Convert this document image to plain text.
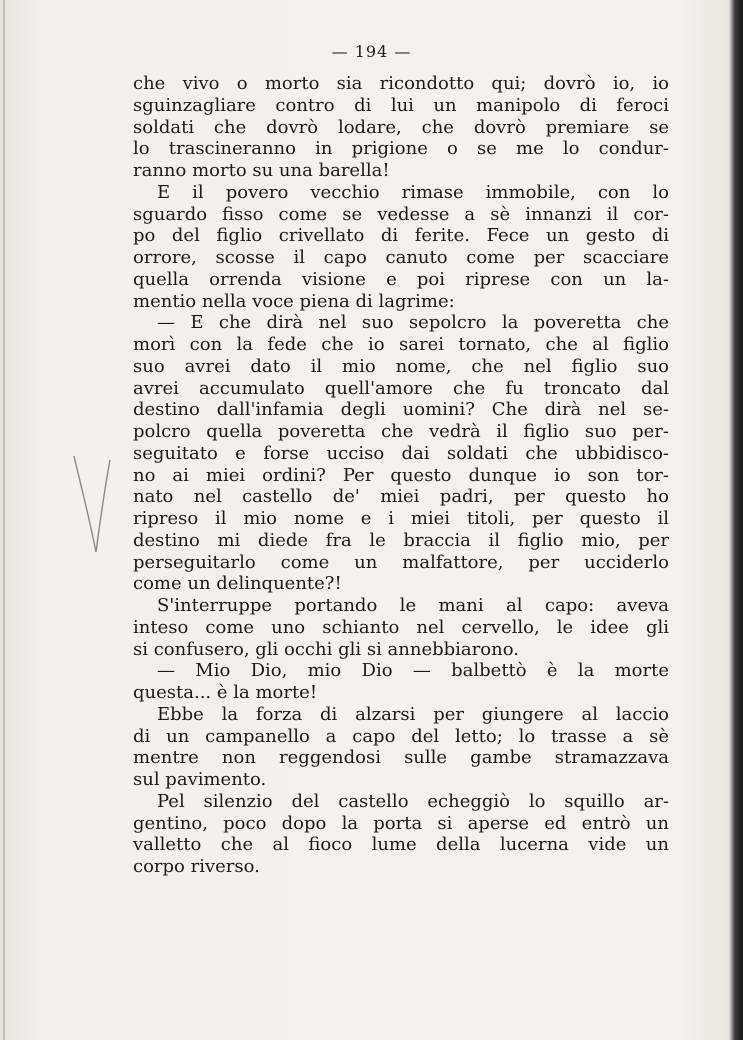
— 194 —
che vivo o morto sia ricondotto qui; dovrò io, io
sguinzagliare contro di lui un manipolo di feroci
soldati che dovrò lodare, che dovrò premiare se
lo trascineranno in prigione o se me lo condur-
ranno morto su una barella!
E il povero vecchio rimase immobile, con lo
sguardo fisso come se vedesse a sè innanzi il cor-
po del figlio crivellato di ferite. Fece un gesto di
orrore, scosse il capo canuto come per scacciare
quella orrenda visione e poi riprese con un la-
mentio nella voce piena di lagrime:
— E che dirà nel suo sepolcro la poveretta che
morì con la fede che io sarei tornato, che al figlio
suo avrei dato il mio nome, che nel figlio suo
avrei accumulato quell'amore che fu troncato dal
destino dall'infamia degli uomini? Che dirà nel se-
polcro quella poveretta che vedrà il figlio suo per-
seguitato e forse ucciso dai soldati che ubbidisco-
no ai miei ordini? Per questo dunque io son tor-
nato nel castello de' miei padri, per questo ho
ripreso il mio nome e i miei titoli, per questo il
destino mi diede fra le braccia il figlio mio, per
perseguitarlo come un malfattore, per ucciderlo
come un delinquente?!
S'interruppe portando le mani al capo: aveva
inteso come uno schianto nel cervello, le idee gli
si confusero, gli occhi gli si annebbiarono.
— Mio Dio, mio Dio — balbettò è la morte
questa... è la morte!
Ebbe la forza di alzarsi per giungere al laccio
di un campanello a capo del letto; lo trasse a sè
mentre non reggendosi sulle gambe stramazzava
sul pavimento.
Pel silenzio del castello echeggiò lo squillo ar-
gentino, poco dopo la porta si aperse ed entrò un
valletto che al fioco lume della lucerna vide un
corpo riverso.
